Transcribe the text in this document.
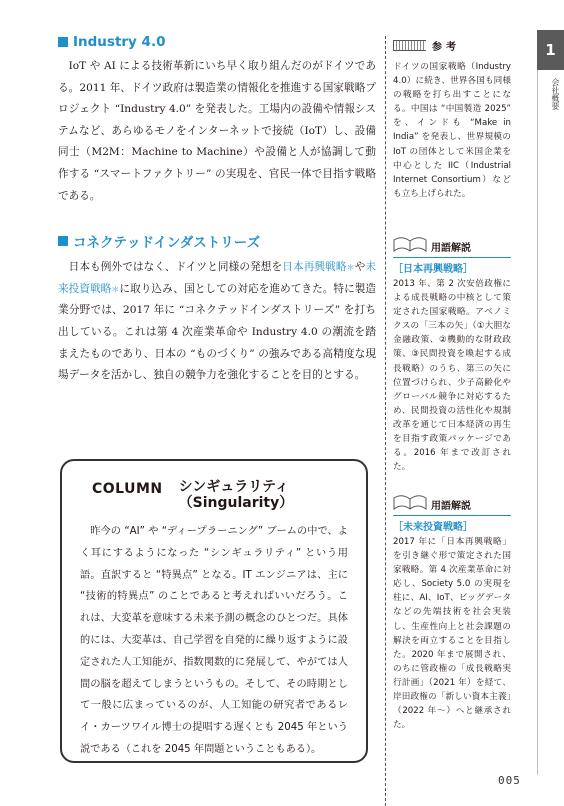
Industry 4.0

IoT や AI による技術革新にいち早く取り組んだのがドイツである。2011 年、ドイツ政府は製造業の情報化を推進する国家戦略プロジェクト “Industry 4.0” を発表した。工場内の設備や情報システムなど、あらゆるモノをインターネットで接続（IoT）し、設備同士（M2M：Machine to Machine）や設備と人が協調して動作する “スマートファクトリー” の実現を、官民一体で目指す戦略である。

コネクテッドインダストリーズ

日本も例外ではなく、ドイツと同様の発想を日本再興戦略＊や未来投資戦略＊に取り込み、国としての対応を進めてきた。特に製造業分野では、2017 年に “コネクテッドインダストリーズ” を打ち出している。これは第 4 次産業革命や Industry 4.0 の潮流を踏まえたものであり、日本の “ものづくり” の強みである高精度な現場データを活かし、独自の競争力を強化することを目的とする。

COLUMN シンギュラリティ
（Singularity）

　昨今の “AI” や “ディープラーニング” ブームの中で、よく耳にするようになった “シンギュラリティ” という用語。直訳すると “特異点” となる。IT エンジニアは、主に “技術的特異点” のことであると考えればいいだろう。これは、大変革を意味する未来予測の概念のひとつだ。具体的には、大変革は、自己学習を自発的に繰り返すように設定された人工知能が、指数関数的に発展して、やがては人間の脳を超えてしまうというもの。そして、その時期として一般に広まっているのが、人工知能の研究者であるレイ・カーツワイル博士の提唱する遅くとも 2045 年という説である（これを 2045 年問題ということもある）。

参考

ドイツの国家戦略（Industry 4.0）に続き、世界各国も同様の戦略を打ち出すことになる。中国は “中国製造 2025” を、インドも “Make in India” を発表し、世界規模の IoT の団体として米国企業を中心とした IIC（Industrial Internet Consortium）なども立ち上げられた。

用語解説
［日本再興戦略］

2013 年、第 2 次安倍政権による成長戦略の中核として策定された国家戦略。アベノミクスの「三本の矢」（①大胆な金融政策、②機動的な財政政策、③民間投資を喚起する成長戦略）のうち、第三の矢に位置づけられ、少子高齢化やグローバル競争に対応するため、民間投資の活性化や規制改革を通じて日本経済の再生を目指す政策パッケージである。2016 年まで改訂された。

用語解説
［未来投資戦略］

2017 年に「日本再興戦略」を引き継ぐ形で策定された国家戦略。第 4 次産業革命に対応し、Society 5.0 の実現を柱に、AI、IoT、ビッグデータなどの先端技術を社会実装し、生産性向上と社会課題の解決を両立することを目指した。2020 年まで展開され、のちに管政権の「成長戦略実行計画」（2021 年）を経て、岸田政権の「新しい資本主義」（2022 年〜）へと継承された。

1
会社概要
005
